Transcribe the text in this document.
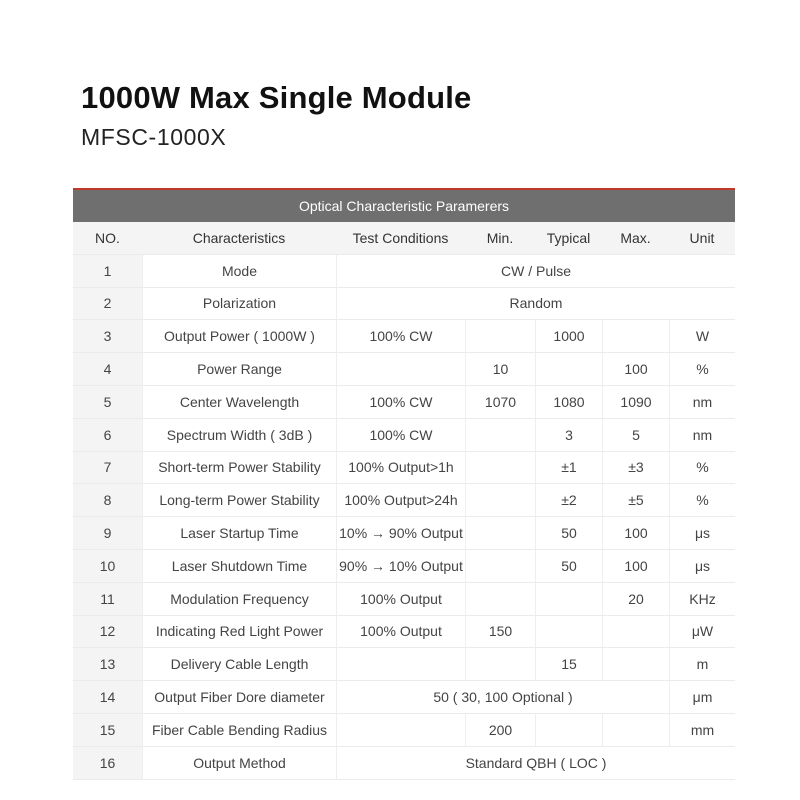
1000W Max Single Module
MFSC-1000X
Optical Characteristic Paramerers
NO.	Characteristics	Test Conditions	Min.	Typical	Max.	Unit
1	Mode	CW / Pulse				
2	Polarization	Random				
3	Output Power ( 1000W )	100% CW		1000		W
4	Power Range		10		100	%
5	Center Wavelength	100% CW	1070	1080	1090	nm
6	Spectrum Width ( 3dB )	100% CW		3	5	nm
7	Short-term Power Stability	100% Output>1h		±1	±3	%
8	Long-term Power Stability	100% Output>24h		±2	±5	%
9	Laser Startup Time	10% → 90% Output		50	100	μs
10	Laser Shutdown Time	90% → 10% Output		50	100	μs
11	Modulation Frequency	100% Output			20	KHz
12	Indicating Red Light Power	100% Output	150			μW
13	Delivery Cable Length			15		m
14	Output Fiber Dore diameter	50 ( 30, 100 Optional )				μm
15	Fiber Cable Bending Radius		200			mm
16	Output Method	Standard QBH ( LOC )				
